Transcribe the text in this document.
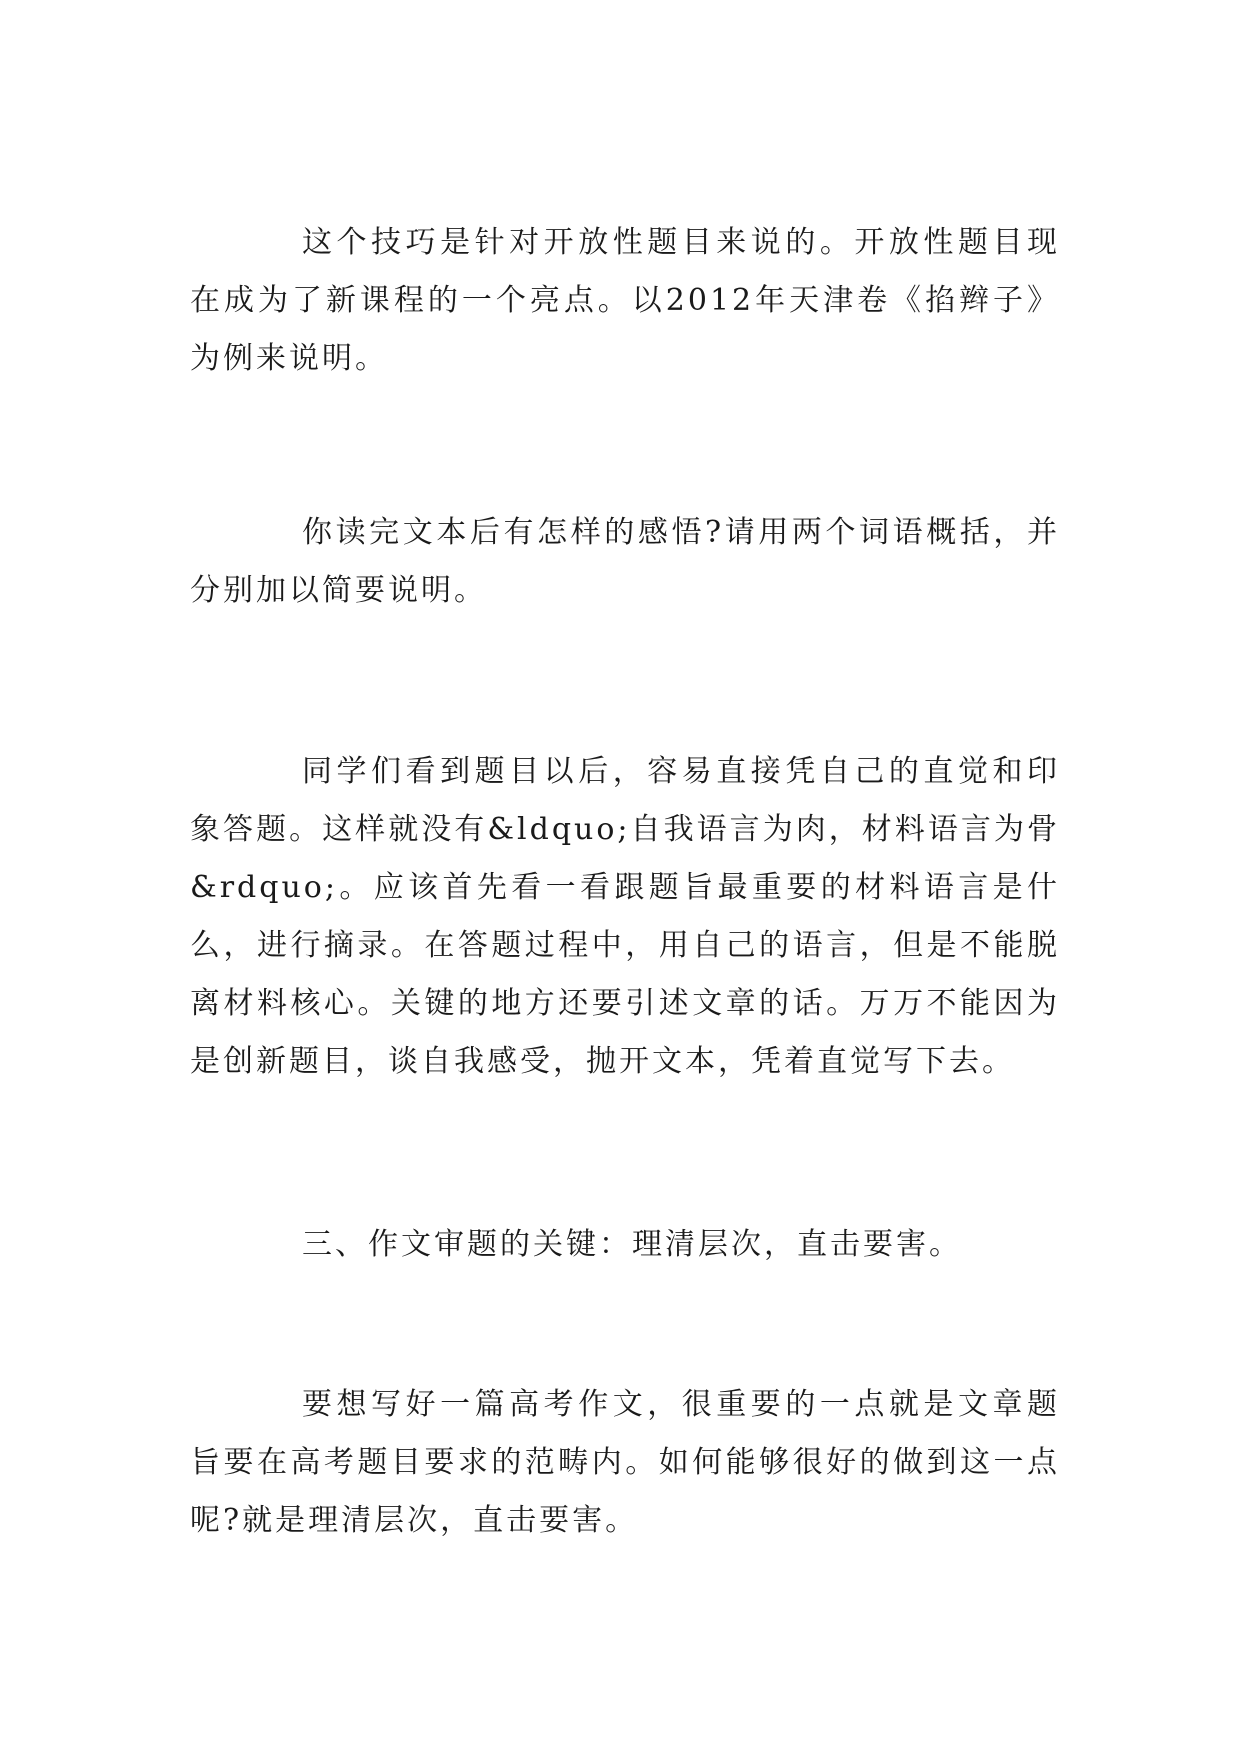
这个技巧是针对开放性题目来说的。开放性题目现在成为了新课程的一个亮点。以2012年天津卷《掐辫子》为例来说明。

你读完文本后有怎样的感悟?请用两个词语概括，并分别加以简要说明。

同学们看到题目以后，容易直接凭自己的直觉和印象答题。这样就没有&ldquo;自我语言为肉，材料语言为骨&rdquo;。应该首先看一看跟题旨最重要的材料语言是什么，进行摘录。在答题过程中，用自己的语言，但是不能脱离材料核心。关键的地方还要引述文章的话。万万不能因为是创新题目，谈自我感受，抛开文本，凭着直觉写下去。

三、作文审题的关键：理清层次，直击要害。

要想写好一篇高考作文，很重要的一点就是文章题旨要在高考题目要求的范畴内。如何能够很好的做到这一点呢?就是理清层次，直击要害。
